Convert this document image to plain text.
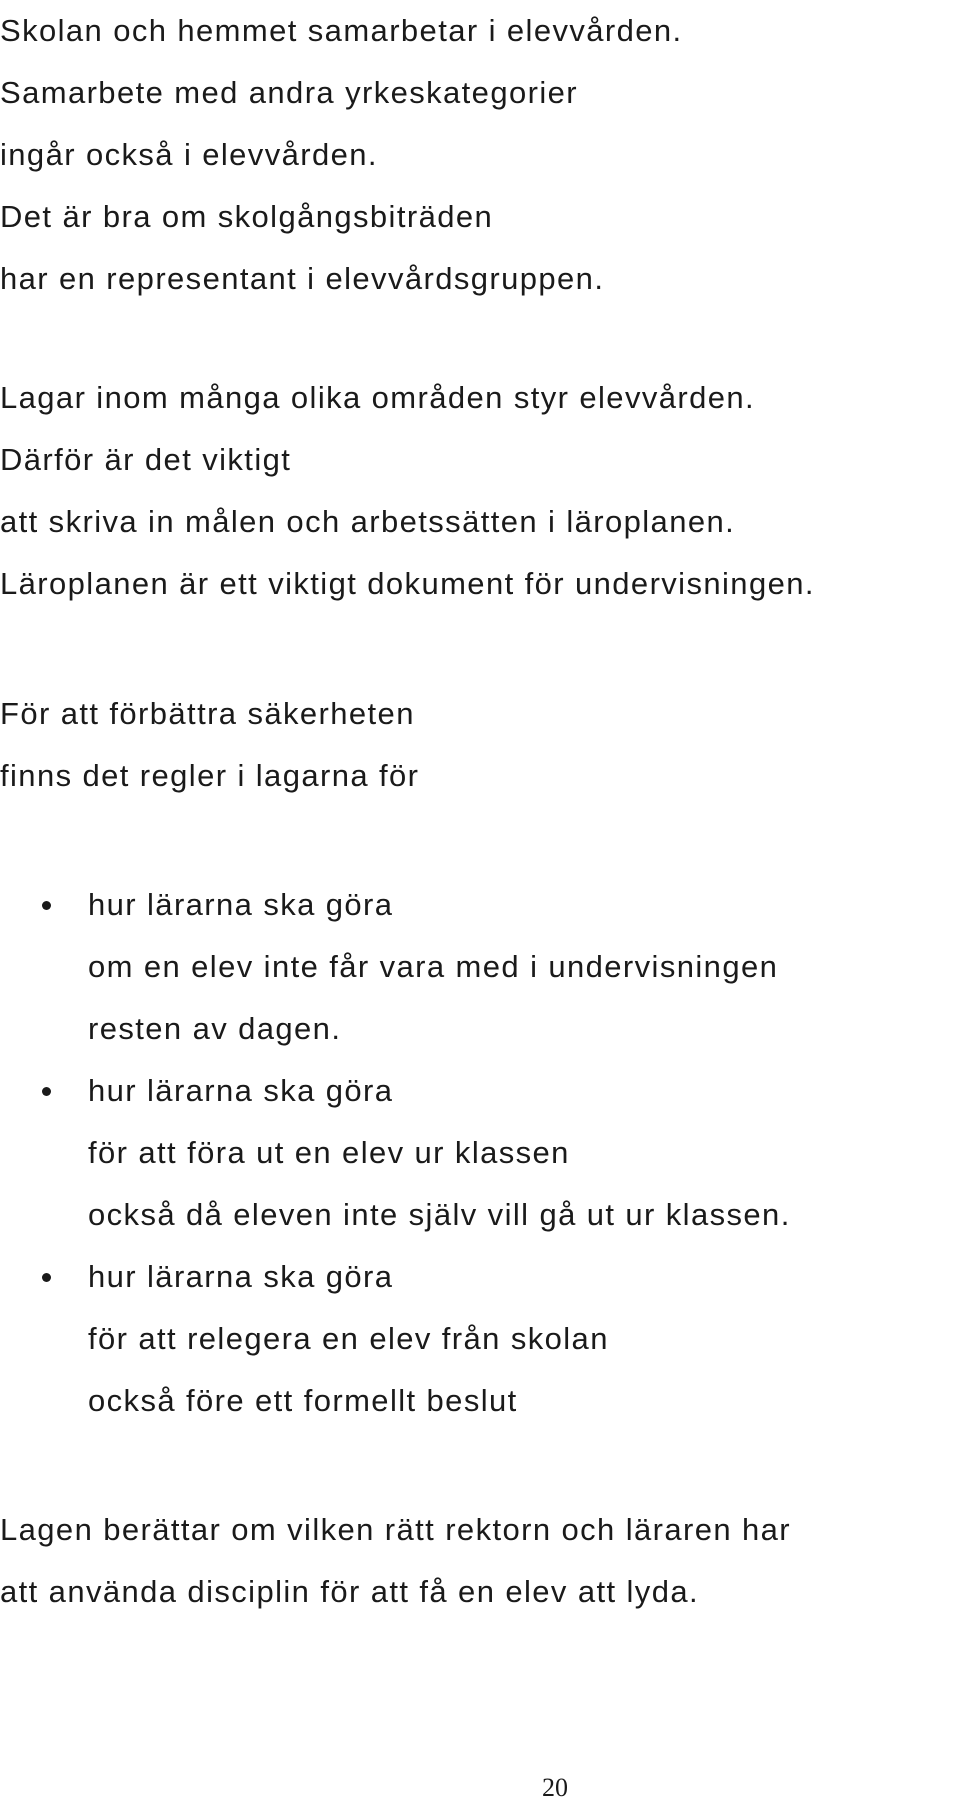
Skolan och hemmet samarbetar i elevvården.
Samarbete med andra yrkeskategorier
ingår också i elevvården.
Det är bra om skolgångsbiträden
har en representant i elevvårdsgruppen.
Lagar inom många olika områden styr elevvården.
Därför är det viktigt
att skriva in målen och arbetssätten i läroplanen.
Läroplanen är ett viktigt dokument för undervisningen.
För att förbättra säkerheten
finns det regler i lagarna för
hur lärarna ska göra
om en elev inte får vara med i undervisningen
resten av dagen.
hur lärarna ska göra
för att föra ut en elev ur klassen
också då eleven inte själv vill gå ut ur klassen.
hur lärarna ska göra
för att relegera en elev från skolan
också före ett formellt beslut
Lagen berättar om vilken rätt rektorn och läraren har
att använda disciplin för att få en elev att lyda.
20
